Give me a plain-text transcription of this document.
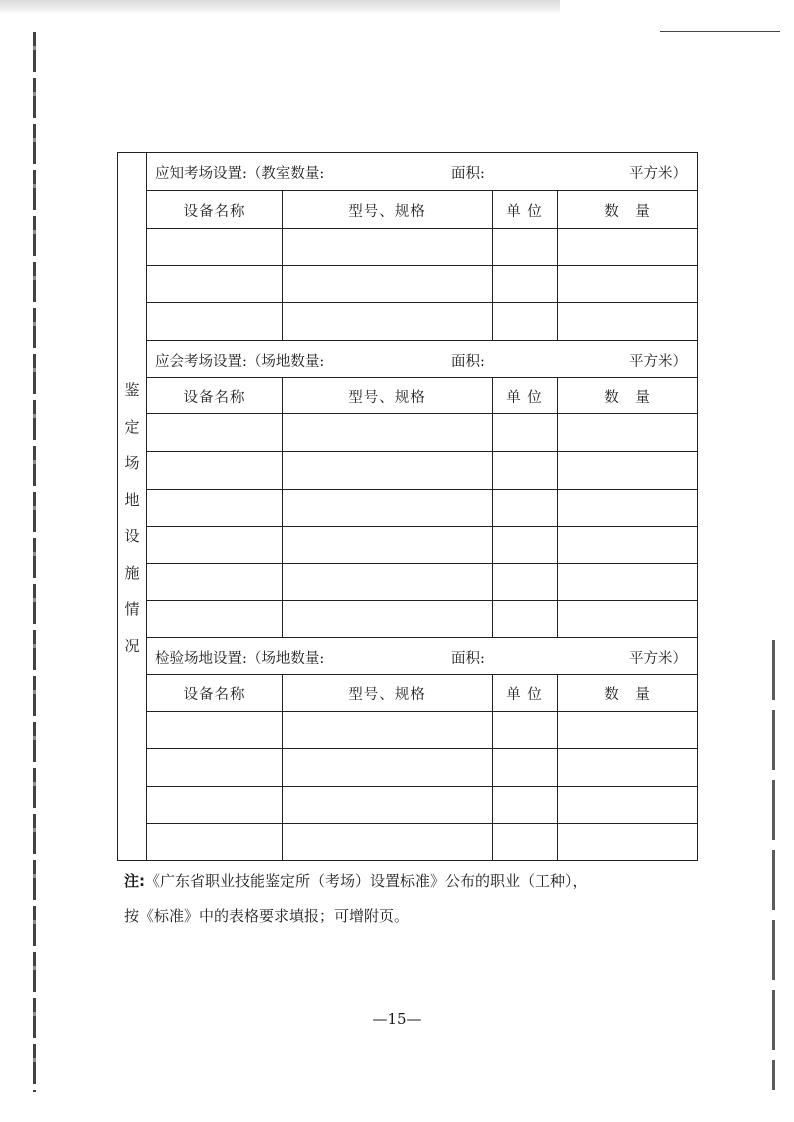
鉴
定
场
地
设
施
情
况
应知考场设置:（教室数量:	面积:	平方米）
设备名称	型号、规格	单 位	数　量
应会考场设置:（场地数量:	面积:	平方米）
设备名称	型号、规格	单 位	数　量
检验场地设置:（场地数量:	面积:	平方米）
设备名称	型号、规格	单 位	数　量
注:《广东省职业技能鉴定所（考场）设置标准》公布的职业（工种），
按《标准》中的表格要求填报；可增附页。
—15—
